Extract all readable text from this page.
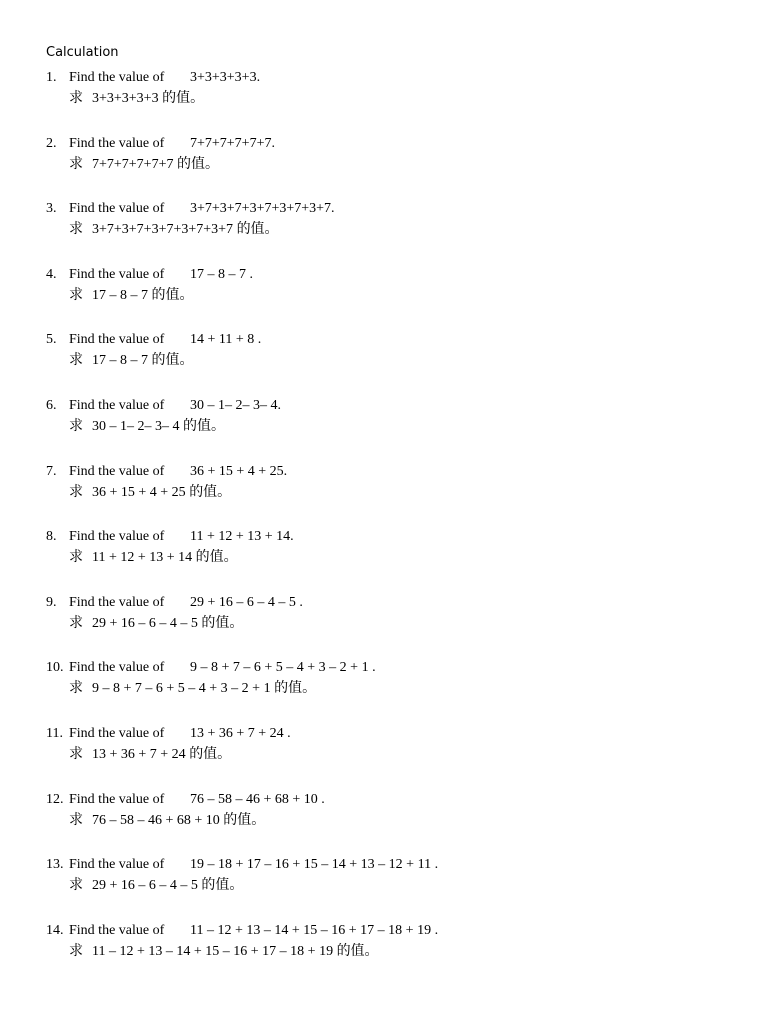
Calculation
1. Find the value of 3+3+3+3+3.
求 3+3+3+3+3 的值。
2. Find the value of 7+7+7+7+7+7.
求 7+7+7+7+7+7 的值。
3. Find the value of 3+7+3+7+3+7+3+7+3+7.
求 3+7+3+7+3+7+3+7+3+7 的值。
4. Find the value of 17 – 8 – 7 .
求 17 – 8 – 7 的值。
5. Find the value of 14 + 11 + 8 .
求 17 – 8 – 7 的值。
6. Find the value of 30 – 1– 2– 3– 4.
求 30 – 1– 2– 3– 4 的值。
7. Find the value of 36 + 15 + 4 + 25.
求 36 + 15 + 4 + 25 的值。
8. Find the value of 11 + 12 + 13 + 14.
求 11 + 12 + 13 + 14 的值。
9. Find the value of 29 + 16 – 6 – 4 – 5 .
求 29 + 16 – 6 – 4 – 5 的值。
10. Find the value of 9 – 8 + 7 – 6 + 5 – 4 + 3 – 2 + 1 .
求 9 – 8 + 7 – 6 + 5 – 4 + 3 – 2 + 1 的值。
11. Find the value of 13 + 36 + 7 + 24 .
求 13 + 36 + 7 + 24 的值。
12. Find the value of 76 – 58 – 46 + 68 + 10 .
求 76 – 58 – 46 + 68 + 10 的值。
13. Find the value of 19 – 18 + 17 – 16 + 15 – 14 + 13 – 12 + 11 .
求 29 + 16 – 6 – 4 – 5 的值。
14. Find the value of 11 – 12 + 13 – 14 + 15 – 16 + 17 – 18 + 19 .
求 11 – 12 + 13 – 14 + 15 – 16 + 17 – 18 + 19 的值。
